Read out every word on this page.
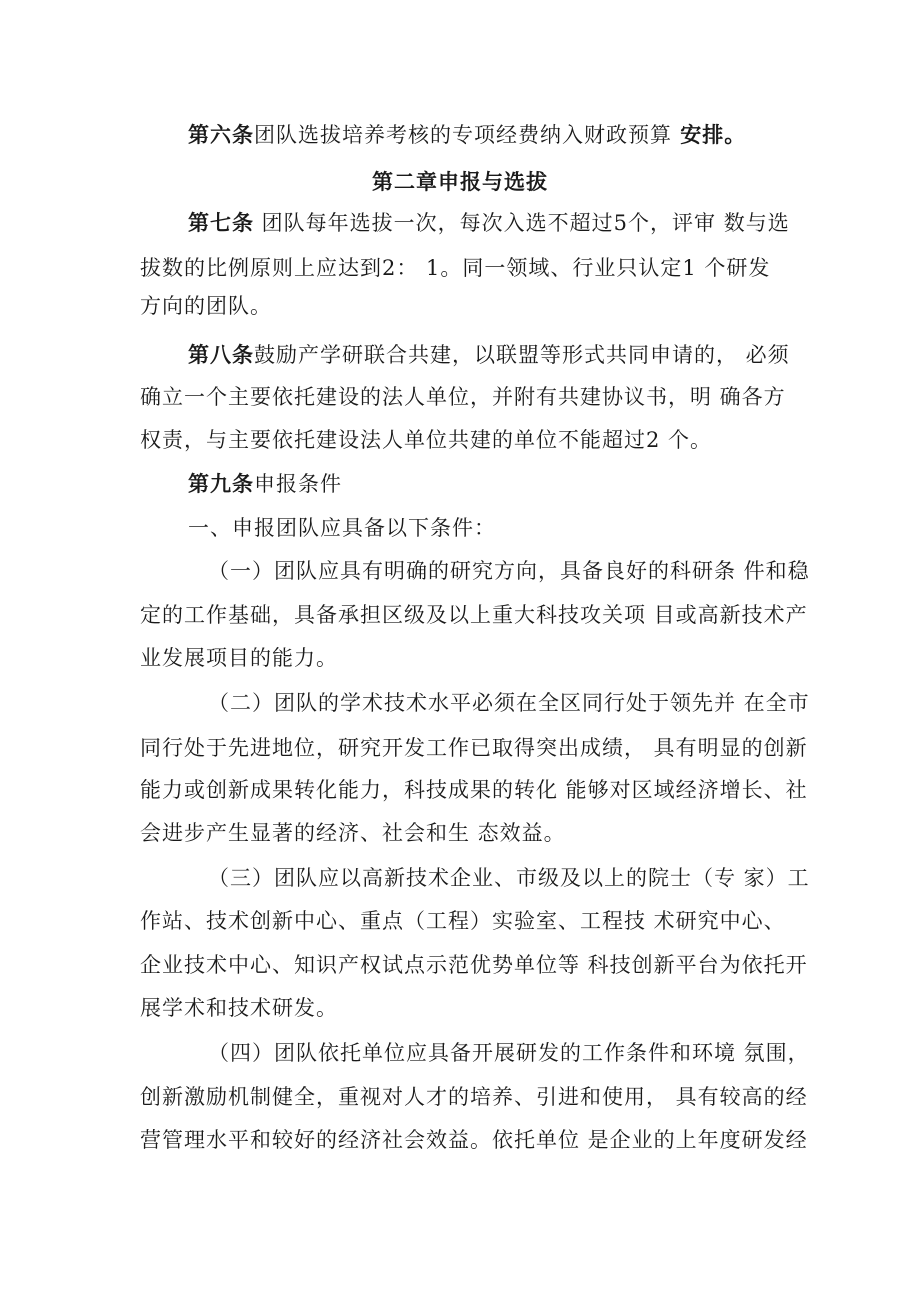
第六条团队选拔培养考核的专项经费纳入财政预算 安排。
第二章申报与选拔
第七条 团队每年选拔一次，每次入选不超过5个，评审 数与选
拔数的比例原则上应达到2： 1。同一领域、行业只认定1 个研发
方向的团队。
第八条鼓励产学研联合共建，以联盟等形式共同申请的， 必须
确立一个主要依托建设的法人单位，并附有共建协议书，明 确各方
权责，与主要依托建设法人单位共建的单位不能超过2 个。
第九条申报条件
一、申报团队应具备以下条件：
（一）团队应具有明确的研究方向，具备良好的科研条 件和稳
定的工作基础，具备承担区级及以上重大科技攻关项 目或高新技术产
业发展项目的能力。
（二）团队的学术技术水平必须在全区同行处于领先并 在全市
同行处于先进地位，研究开发工作已取得突出成绩， 具有明显的创新
能力或创新成果转化能力，科技成果的转化 能够对区域经济增长、社
会进步产生显著的经济、社会和生 态效益。
（三）团队应以高新技术企业、市级及以上的院士（专 家）工
作站、技术创新中心、重点（工程）实验室、工程技 术研究中心、
企业技术中心、知识产权试点示范优势单位等 科技创新平台为依托开
展学术和技术研发。
（四）团队依托单位应具备开展研发的工作条件和环境 氛围，
创新激励机制健全，重视对人才的培养、引进和使用， 具有较高的经
营管理水平和较好的经济社会效益。依托单位 是企业的上年度研发经
